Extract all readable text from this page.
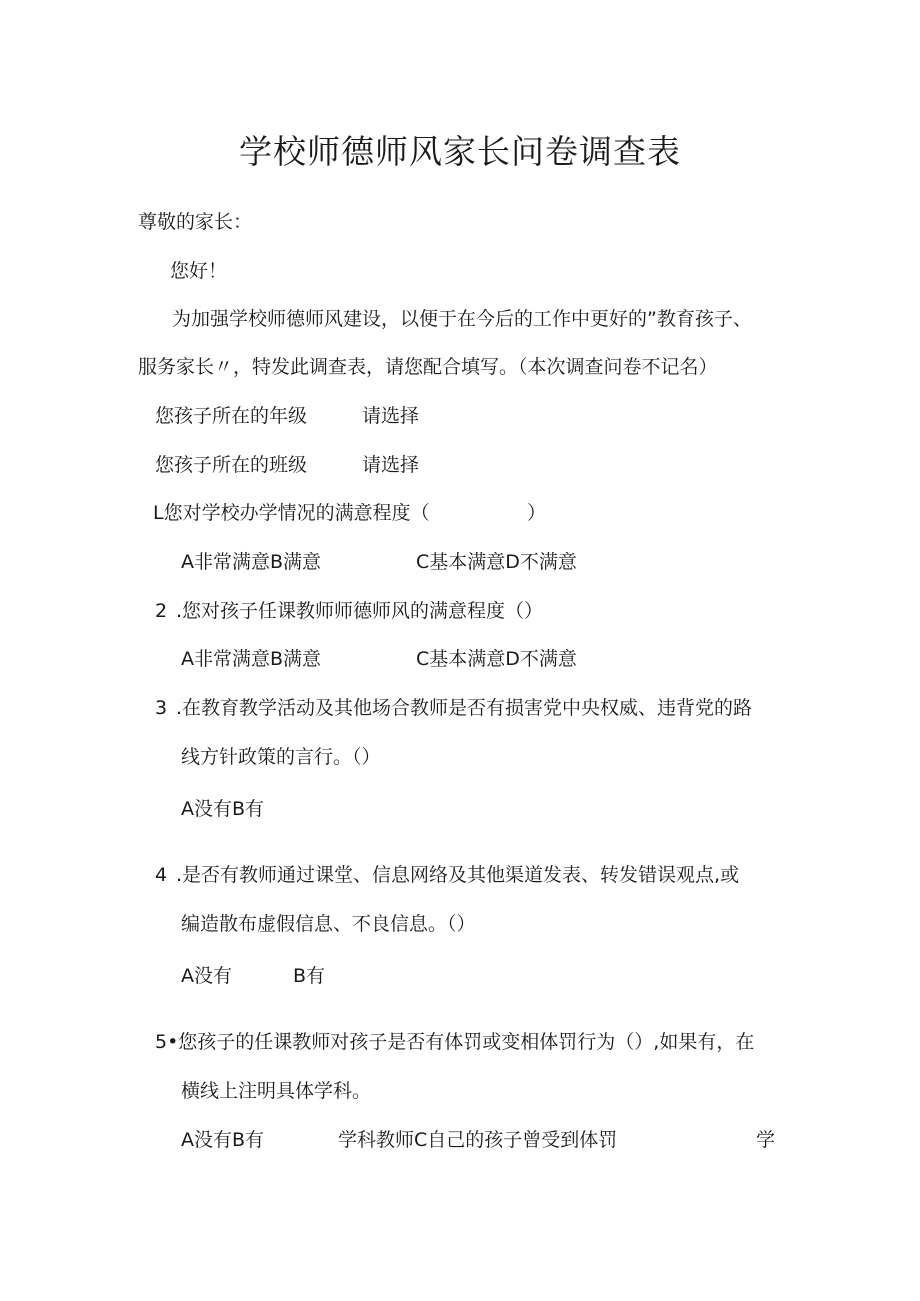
学校师德师风家长问卷调查表
尊敬的家长：
您好！
为加强学校师德师风建设，以便于在今后的工作中更好的”教育孩子、
服务家长〃，特发此调查表，请您配合填写。（本次调查问卷不记名）
您孩子所在的年级	请选择
您孩子所在的班级	请选择
L您对学校办学情况的满意程度（	）
A非常满意B满意	C基本满意D不满意
2 .您对孩子任课教师师德师风的满意程度（）
A非常满意B满意	C基本满意D不满意
3 .在教育教学活动及其他场合教师是否有损害党中央权威、违背党的路
线方针政策的言行。（）
A没有B有
4 .是否有教师通过课堂、信息网络及其他渠道发表、转发错误观点,或
编造散布虚假信息、不良信息。（）
A没有	B有
5•您孩子的任课教师对孩子是否有体罚或变相体罚行为（）,如果有，在
横线上注明具体学科。
A没有B有	学科教师C自己的孩子曾受到体罚	学
